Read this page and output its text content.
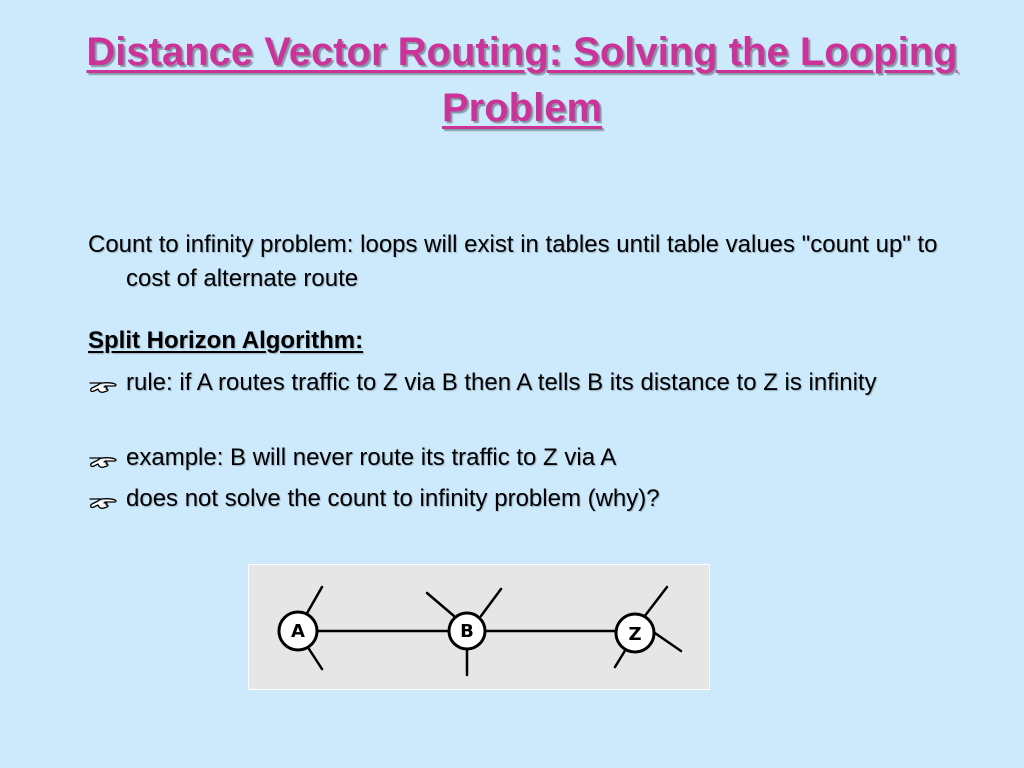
Distance Vector Routing: Solving the Looping Problem
Count to infinity problem: loops will exist in tables until table values "count up" to cost of alternate route
Split Horizon Algorithm:
rule: if A routes traffic to Z via B then A tells B its distance to Z is infinity
example: B will never route its traffic to Z via A
does not solve the count to infinity problem (why)?
A	B	Z
